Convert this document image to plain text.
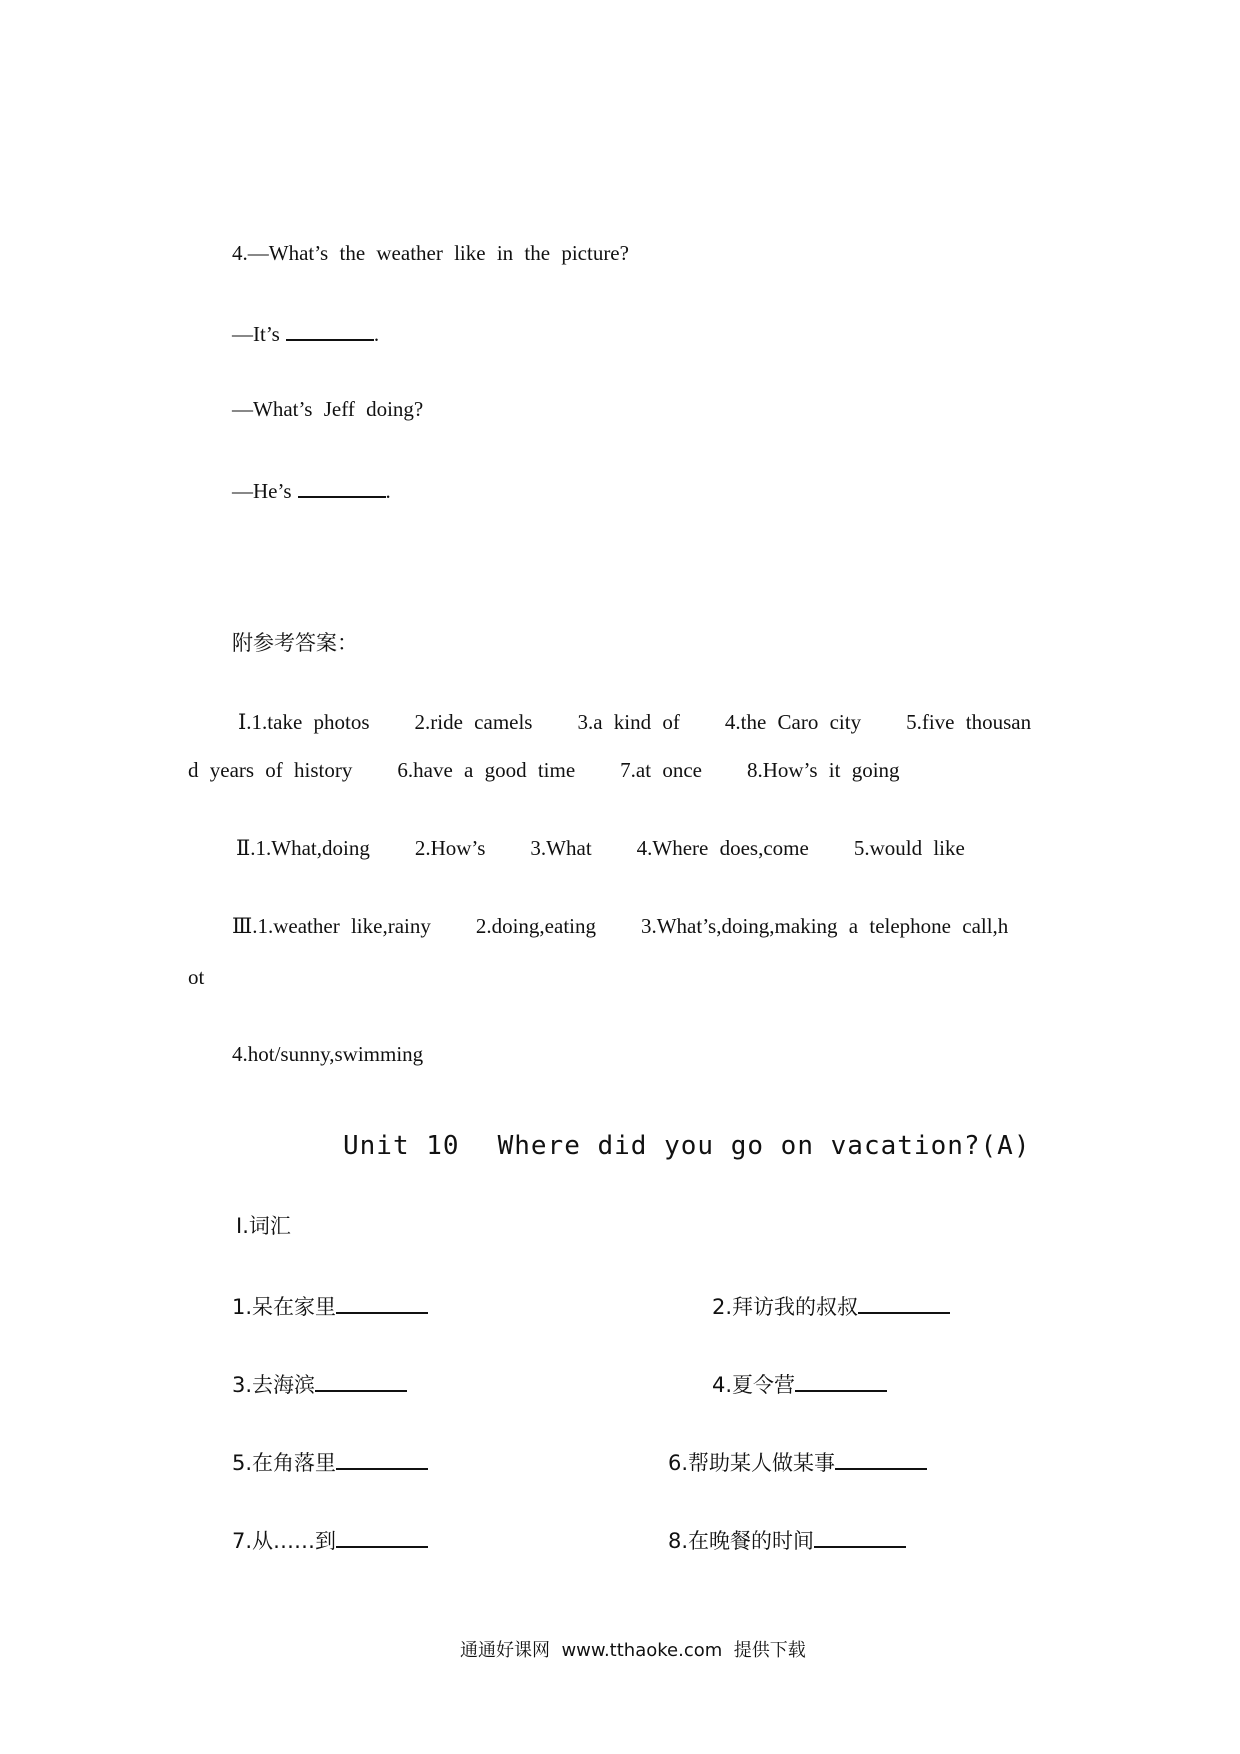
4.—What’s the weather like in the picture?
—It’s	.
—What’s Jeff doing?
—He’s	.
附参考答案：
Ⅰ.1.take photos    2.ride camels    3.a kind of    4.the Caro city    5.five thousan
d years of history    6.have a good time    7.at once    8.How’s it going
Ⅱ.1.What,doing    2.How’s    3.What    4.Where does,come    5.would like
Ⅲ.1.weather like,rainy    2.doing,eating    3.What’s,doing,making a telephone call,h
ot
4.hot/sunny,swimming
Unit 10 Where did you go on vacation?(A)
Ⅰ.词汇
1.呆在家里	2.拜访我的叔叔
3.去海滨	4.夏令营
5.在角落里	6.帮助某人做某事
7.从……到	8.在晚餐的时间
通通好课网  www.tthaoke.com  提供下载
